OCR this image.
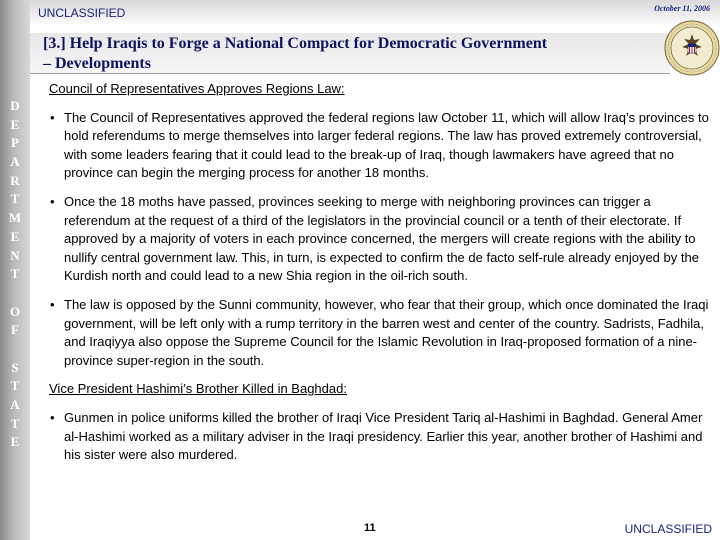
D
E
P
A
R
T
M
E
N
T
O
F
S
T
A
T
E
UNCLASSIFIED	October 11, 2006
[3.] Help Iraqis to Forge a National Compact for Democratic Government
– Developments
Council of Representatives Approves Regions Law:
• The Council of Representatives approved the federal regions law October 11, which will allow Iraq’s provinces to hold referendums to merge themselves into larger federal regions. The law has proved extremely controversial, with some leaders fearing that it could lead to the break-up of Iraq, though lawmakers have agreed that no province can begin the merging process for another 18 months.
• Once the 18 moths have passed, provinces seeking to merge with neighboring provinces can trigger a referendum at the request of a third of the legislators in the provincial council or a tenth of their electorate. If approved by a majority of voters in each province concerned, the mergers will create regions with the ability to nullify central government law. This, in turn, is expected to confirm the de facto self-rule already enjoyed by the Kurdish north and could lead to a new Shia region in the oil-rich south.
• The law is opposed by the Sunni community, however, who fear that their group, which once dominated the Iraqi government, will be left only with a rump territory in the barren west and center of the country. Sadrists, Fadhila, and Iraqiyya also oppose the Supreme Council for the Islamic Revolution in Iraq-proposed formation of a nine-province super-region in the south.
Vice President Hashimi’s Brother Killed in Baghdad:
• Gunmen in police uniforms killed the brother of Iraqi Vice President Tariq al-Hashimi in Baghdad. General Amer al-Hashimi worked as a military adviser in the Iraqi presidency. Earlier this year, another brother of Hashimi and his sister were also murdered.
11	UNCLASSIFIED
